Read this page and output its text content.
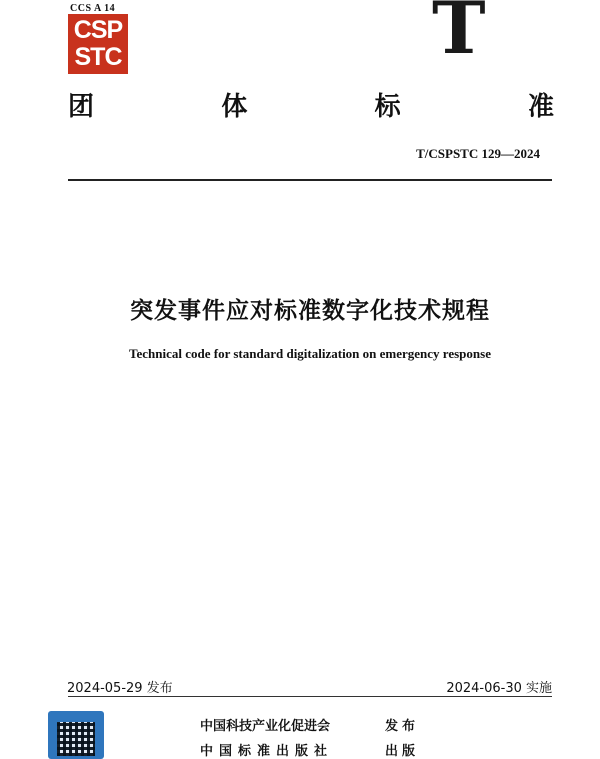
CCS A 14
CSP
STC	T
团	体	标	准
T/CSPSTC 129—2024
突发事件应对标准数字化技术规程
Technical code for standard digitalization on emergency response
2024-05-29 发布	2024-06-30 实施
中国科技产业化促进会	发布
中国标准出版社	出版
